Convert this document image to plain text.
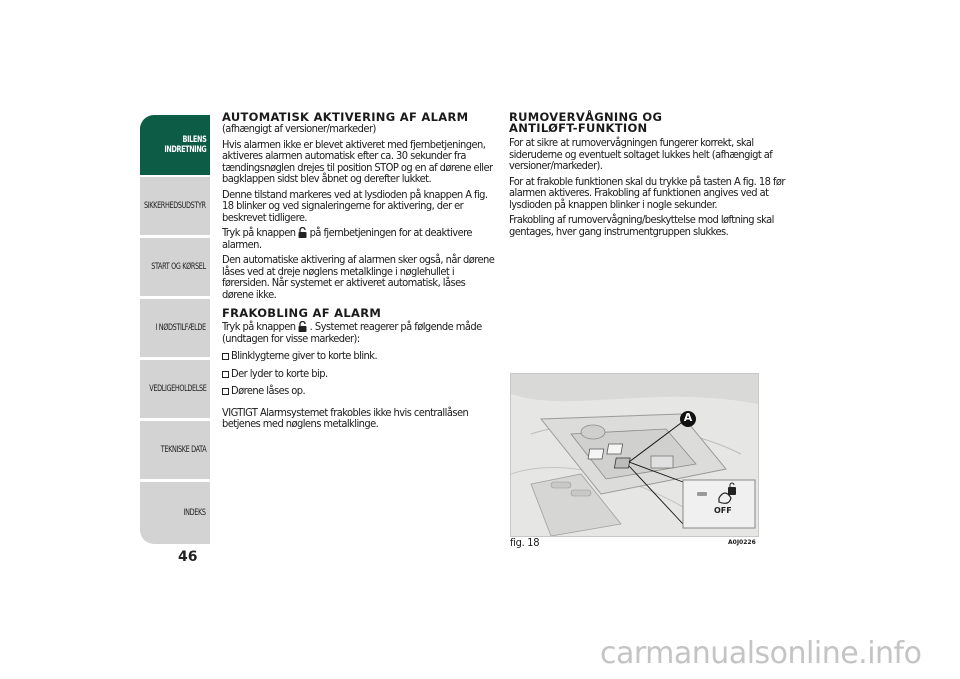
BILENS
INDRETNING
SIKKERHEDSUDSTYR
START OG KØRSEL
I NØDSTILFÆLDE
VEDLIGEHOLDELSE
TEKNISKE DATA
INDEKS
46
AUTOMATISK AKTIVERING AF ALARM

(afhængigt af versioner/markeder)

Hvis alarmen ikke er blevet aktiveret med fjernbetjeningen, aktiveres alarmen automatisk efter ca. 30 sekunder fra tændingsnøglen drejes til position STOP og en af dørene eller bagklappen sidst blev åbnet og derefter lukket.

Denne tilstand markeres ved at lysdioden på knappen A fig. 18 blinker og ved signaleringerne for aktivering, der er beskrevet tidligere.

Tryk på knappen på fjernbetjeningen for at deaktivere alarmen.

Den automatiske aktivering af alarmen sker også, når dørene låses ved at dreje nøglens metalklinge i nøglehullet i førersiden. Når systemet er aktiveret automatisk, låses dørene ikke.

FRAKOBLING AF ALARM

Tryk på knappen . Systemet reagerer på følgende måde (undtagen for visse markeder):

Blinklygterne giver to korte blink.

Der lyder to korte bip.

Dørene låses op.

VIGTIGT Alarmsystemet frakobles ikke hvis centrallåsen betjenes med nøglens metalklinge.

RUMOVERVÅGNING OG
ANTILØFT-FUNKTION

For at sikre at rumovervågningen fungerer korrekt, skal sideruderne og eventuelt soltaget lukkes helt (afhængigt af versioner/markeder).

For at frakoble funktionen skal du trykke på tasten A fig. 18 før alarmen aktiveres. Frakobling af funktionen angives ved at lysdioden på knappen blinker i nogle sekunder.

Frakobling af rumovervågning/beskyttelse mod løftning skal gentages, hver gang instrumentgruppen slukkes.

A
OFF
fig. 18	A0J0226
carmanualsonline.info
